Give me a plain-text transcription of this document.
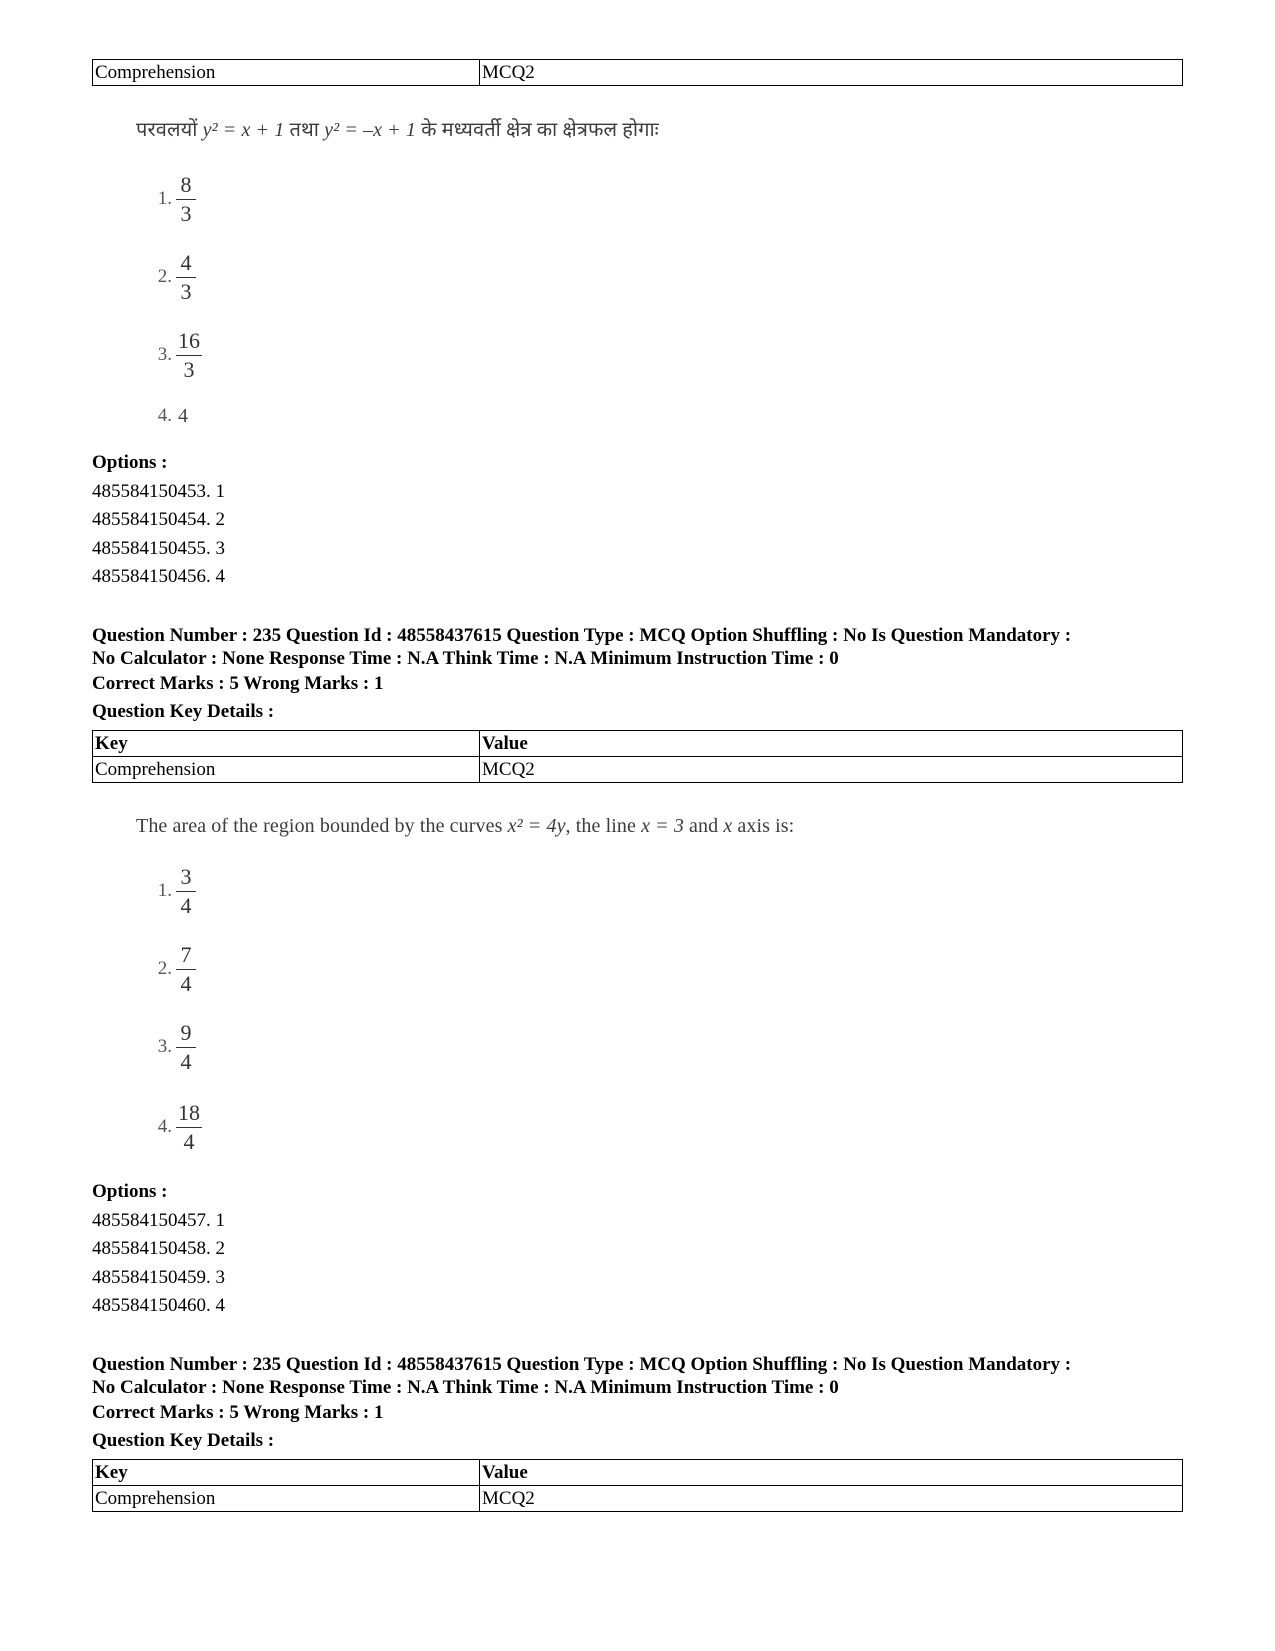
Comprehension	MCQ2
परवलयों y² = x + 1 तथा y² = –x + 1 के मध्यवर्ती क्षेत्र का क्षेत्रफल होगाः
1. $\frac{8}{3}$
2. $\frac{4}{3}$
3. $\frac{16}{3}$
4. 4
Options :
485584150453. 1
485584150454. 2
485584150455. 3
485584150456. 4
Question Number : 235 Question Id : 48558437615 Question Type : MCQ Option Shuffling : No Is Question Mandatory :
No Calculator : None Response Time : N.A Think Time : N.A Minimum Instruction Time : 0
Correct Marks : 5 Wrong Marks : 1
Question Key Details :
Key	Value
Comprehension	MCQ2
The area of the region bounded by the curves x² = 4y, the line x = 3 and x axis is:
1. $\frac{3}{4}$
2. $\frac{7}{4}$
3. $\frac{9}{4}$
4. $\frac{18}{4}$
Options :
485584150457. 1
485584150458. 2
485584150459. 3
485584150460. 4
Question Number : 235 Question Id : 48558437615 Question Type : MCQ Option Shuffling : No Is Question Mandatory :
No Calculator : None Response Time : N.A Think Time : N.A Minimum Instruction Time : 0
Correct Marks : 5 Wrong Marks : 1
Question Key Details :
Key	Value
Comprehension	MCQ2
